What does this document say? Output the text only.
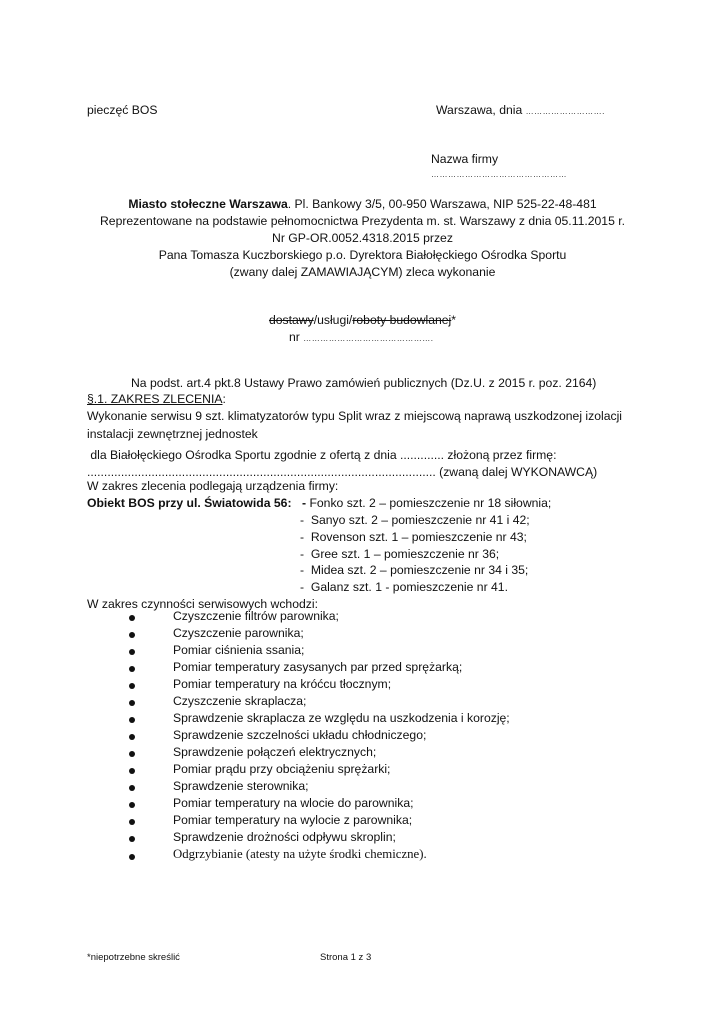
pieczęć BOS	Warszawa, dnia ……………………….
Nazwa firmy
…………………………………………
Miasto stołeczne Warszawa. Pl. Bankowy 3/5, 00-950 Warszawa, NIP 525-22-48-481
Reprezentowane na podstawie pełnomocnictwa Prezydenta m. st. Warszawy z dnia 05.11.2015 r.
Nr GP-OR.0052.4318.2015 przez
Pana Tomasza Kuczborskiego p.o. Dyrektora Białołęckiego Ośrodka Sportu
(zwany dalej ZAMAWIAJĄCYM) zleca wykonanie
dostawy/usługi/roboty budowlanej*
nr ……………………………………….
Na podst. art.4 pkt.8 Ustawy Prawo zamówień publicznych (Dz.U. z 2015 r. poz. 2164)
§.1. ZAKRES ZLECENIA:
Wykonanie serwisu 9 szt. klimatyzatorów typu Split wraz z miejscową naprawą uszkodzonej izolacji
instalacji zewnętrznej jednostek
dla Białołęckiego Ośrodka Sportu zgodnie z ofertą z dnia ............. złożoną przez firmę:
....................................................................................................... (zwaną dalej WYKONAWCĄ)
W zakres zlecenia podlegają urządzenia firmy:
Obiekt BOS przy ul. Światowida 56: - Fonko szt. 2 – pomieszczenie nr 18 siłownia;
-  Sanyo szt. 2 – pomieszczenie nr 41 i 42;
-  Rovenson szt. 1 – pomieszczenie nr 43;
-  Gree szt. 1 – pomieszczenie nr 36;
-  Midea szt. 2 – pomieszczenie nr 34 i 35;
-  Galanz szt. 1 - pomieszczenie nr 41.
W zakres czynności serwisowych wchodzi:
Czyszczenie filtrów parownika;
Czyszczenie parownika;
Pomiar ciśnienia ssania;
Pomiar temperatury zasysanych par przed sprężarką;
Pomiar temperatury na króćcu tłocznym;
Czyszczenie skraplacza;
Sprawdzenie skraplacza ze względu na uszkodzenia i korozję;
Sprawdzenie szczelności układu chłodniczego;
Sprawdzenie połączeń elektrycznych;
Pomiar prądu przy obciążeniu sprężarki;
Sprawdzenie sterownika;
Pomiar temperatury na wlocie do parownika;
Pomiar temperatury na wylocie z parownika;
Sprawdzenie drożności odpływu skroplin;
Odgrzybianie (atesty na użyte środki chemiczne).
*niepotrzebne skreślić	Strona 1 z 3
